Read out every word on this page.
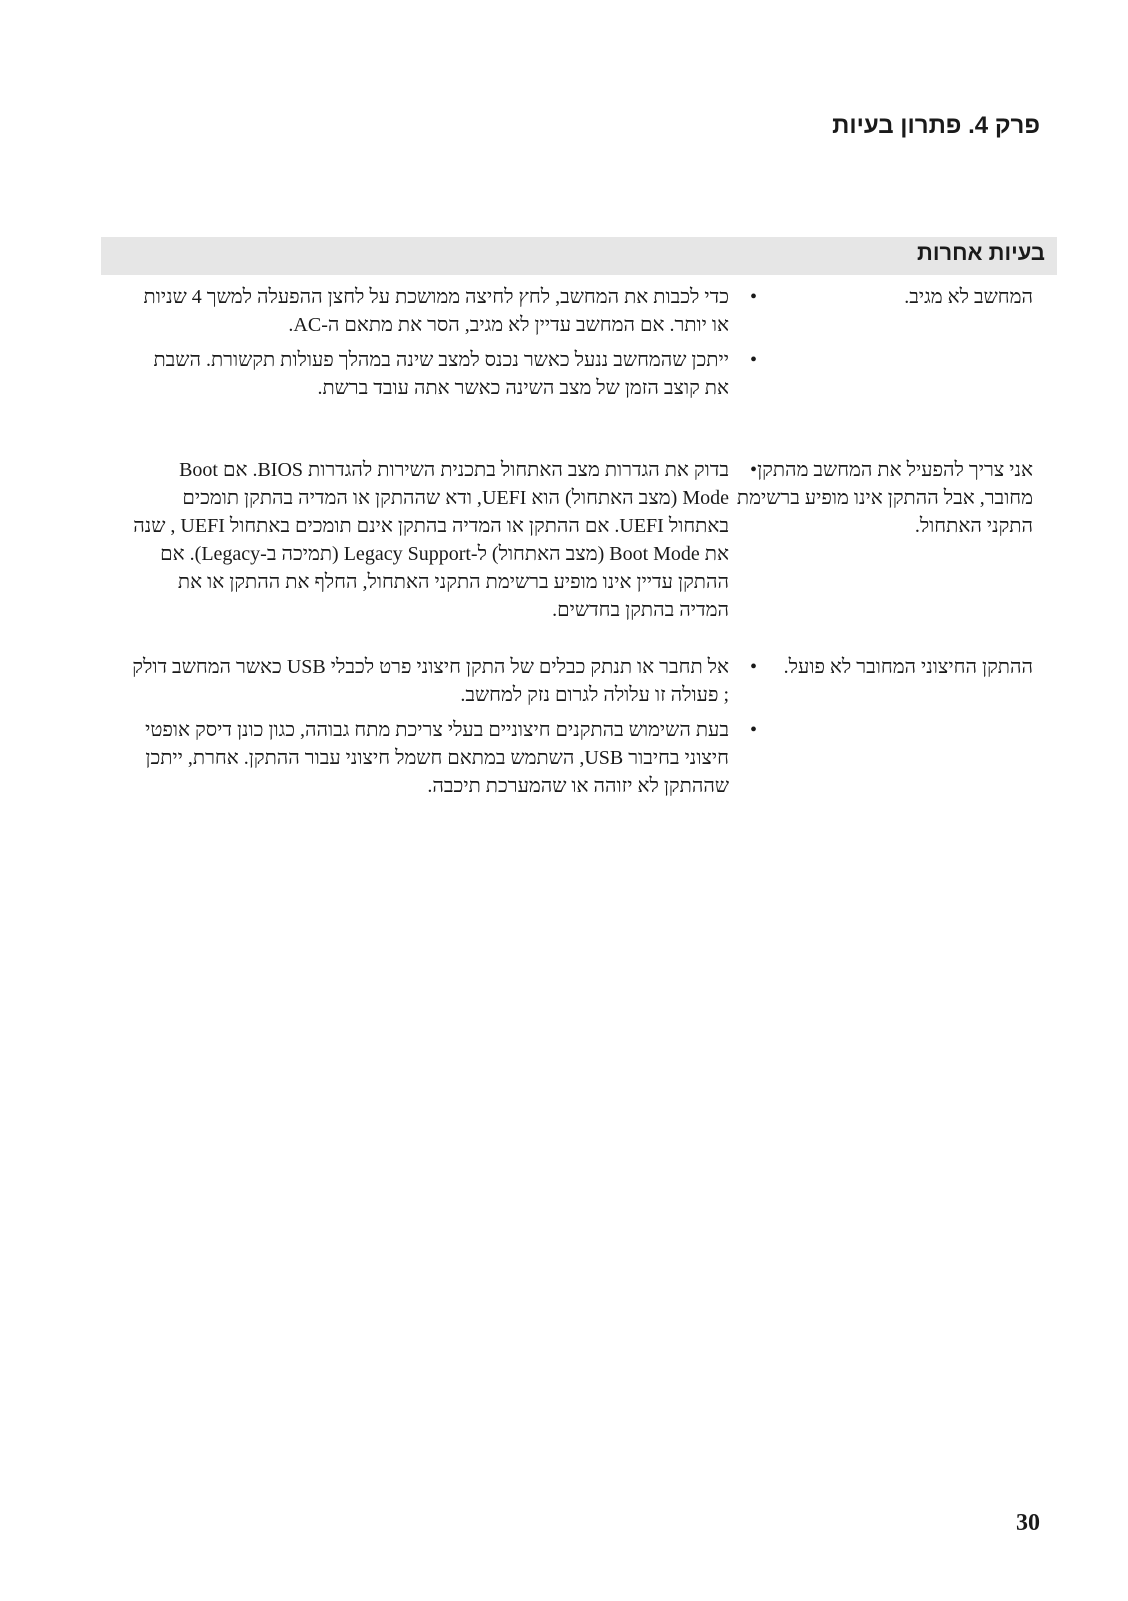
פרק 4. פתרון בעיות
בעיות אחרות

המחשב לא מגיב.

• כדי לכבות את המחשב, לחץ לחיצה ממושכת על לחצן ההפעלה למשך 4 שניות או יותר. אם המחשב עדיין לא מגיב, הסר את מתאם ה-AC.
• ייתכן שהמחשב ננעל כאשר נכנס למצב שינה במהלך פעולות תקשורת. השבת את קוצב הזמן של מצב השינה כאשר אתה עובד ברשת.

אני צריך להפעיל את המחשב מהתקן מחובר, אבל ההתקן אינו מופיע ברשימת התקני האתחול.

• בדוק את הגדרות מצב האתחול בתכנית השירות להגדרות BIOS. אם Boot Mode (מצב האתחול) הוא UEFI, ודא שההתקן או המדיה בהתקן תומכים באתחול UEFI. אם ההתקן או המדיה בהתקן אינם תומכים באתחול UEFI , שנה את Boot Mode (מצב האתחול) ל-Legacy Support (תמיכה ב-Legacy). אם ההתקן עדיין אינו מופיע ברשימת התקני האתחול, החלף את ההתקן או את המדיה בהתקן בחדשים.

ההתקן החיצוני המחובר לא פועל.

• אל תחבר או תנתק כבלים של התקן חיצוני פרט לכבלי USB כאשר המחשב דולק ; פעולה זו עלולה לגרום נזק למחשב.
• בעת השימוש בהתקנים חיצוניים בעלי צריכת מתח גבוהה, כגון כונן דיסק אופטי חיצוני בחיבור USB, השתמש במתאם חשמל חיצוני עבור ההתקן. אחרת, ייתכן שההתקן לא יזוהה או שהמערכת תיכבה.

30
